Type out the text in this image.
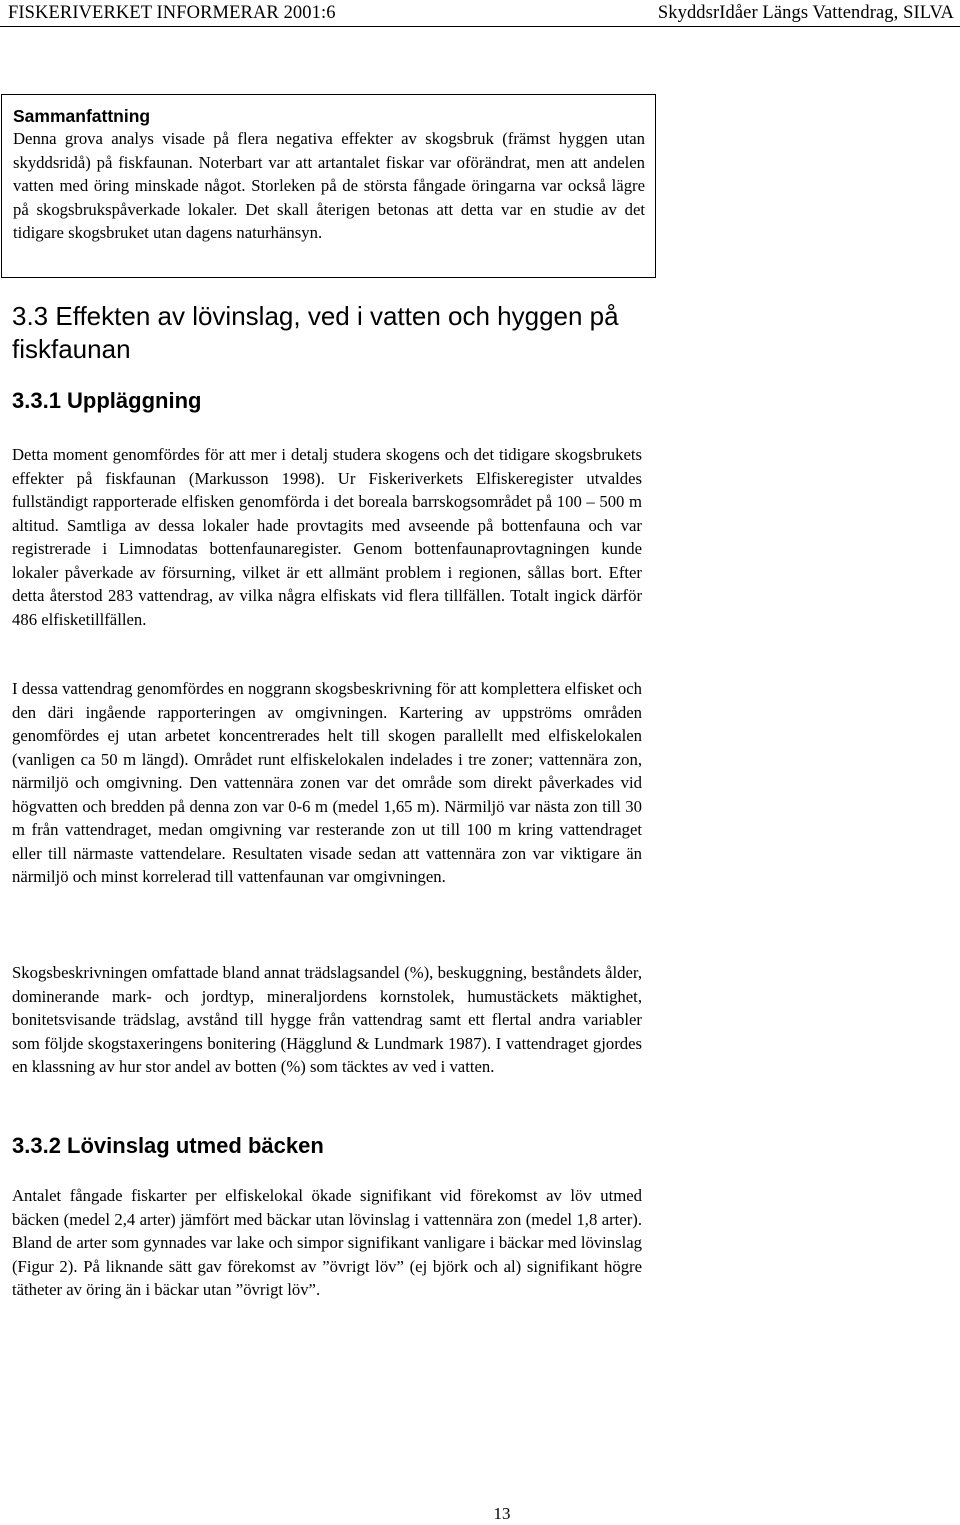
FISKERIVERKET INFORMERAR 2001:6	SkyddsrIdåer Längs Vattendrag, SILVA

Sammanfattning

Denna grova analys visade på flera negativa effekter av skogsbruk (främst hyggen utan skyddsridå) på fiskfaunan. Noterbart var att artantalet fiskar var oförändrat, men att andelen vatten med öring minskade något. Storleken på de största fångade öringarna var också lägre på skogsbrukspåverkade lokaler. Det skall återigen betonas att detta var en studie av det tidigare skogsbruket utan dagens naturhänsyn.

3.3 Effekten av lövinslag, ved i vatten och hyggen på fiskfaunan
3.3.1 Uppläggning

Detta moment genomfördes för att mer i detalj studera skogens och det tidigare skogsbrukets effekter på fiskfaunan (Markusson 1998). Ur Fiskeriverkets Elfiskeregister utvaldes fullständigt rapporterade elfisken genomförda i det boreala barrskogsområdet på 100 – 500 m altitud. Samtliga av dessa lokaler hade provtagits med avseende på bottenfauna och var registrerade i Limnodatas bottenfaunaregister. Genom bottenfaunaprovtagningen kunde lokaler påverkade av försurning, vilket är ett allmänt problem i regionen, sållas bort. Efter detta återstod 283 vattendrag, av vilka några elfiskats vid flera tillfällen. Totalt ingick därför 486 elfisketillfällen.

I dessa vattendrag genomfördes en noggrann skogsbeskrivning för att komplettera elfisket och den däri ingående rapporteringen av omgivningen. Kartering av uppströms områden genomfördes ej utan arbetet koncentrerades helt till skogen parallellt med elfiskelokalen (vanligen ca 50 m längd). Området runt elfiskelokalen indelades i tre zoner; vattennära zon, närmiljö och omgivning. Den vattennära zonen var det område som direkt påverkades vid högvatten och bredden på denna zon var 0-6 m (medel 1,65 m). Närmiljö var nästa zon till 30 m från vattendraget, medan omgivning var resterande zon ut till 100 m kring vattendraget eller till närmaste vattendelare. Resultaten visade sedan att vattennära zon var viktigare än närmiljö och minst korrelerad till vattenfaunan var omgivningen.

Skogsbeskrivningen omfattade bland annat trädslagsandel (%), beskuggning, beståndets ålder, dominerande mark- och jordtyp, mineraljordens kornstolek, humustäckets mäktighet, bonitetsvisande trädslag, avstånd till hygge från vattendrag samt ett flertal andra variabler som följde skogstaxeringens bonitering (Hägglund & Lundmark 1987). I vattendraget gjordes en klassning av hur stor andel av botten (%) som täcktes av ved i vatten.

3.3.2 Lövinslag utmed bäcken

Antalet fångade fiskarter per elfiskelokal ökade signifikant vid förekomst av löv utmed bäcken (medel 2,4 arter) jämfört med bäckar utan lövinslag i vattennära zon (medel 1,8 arter). Bland de arter som gynnades var lake och simpor signifikant vanligare i bäckar med lövinslag (Figur 2). På liknande sätt gav förekomst av ”övrigt löv” (ej björk och al) signifikant högre tätheter av öring än i bäckar utan ”övrigt löv”.

13
